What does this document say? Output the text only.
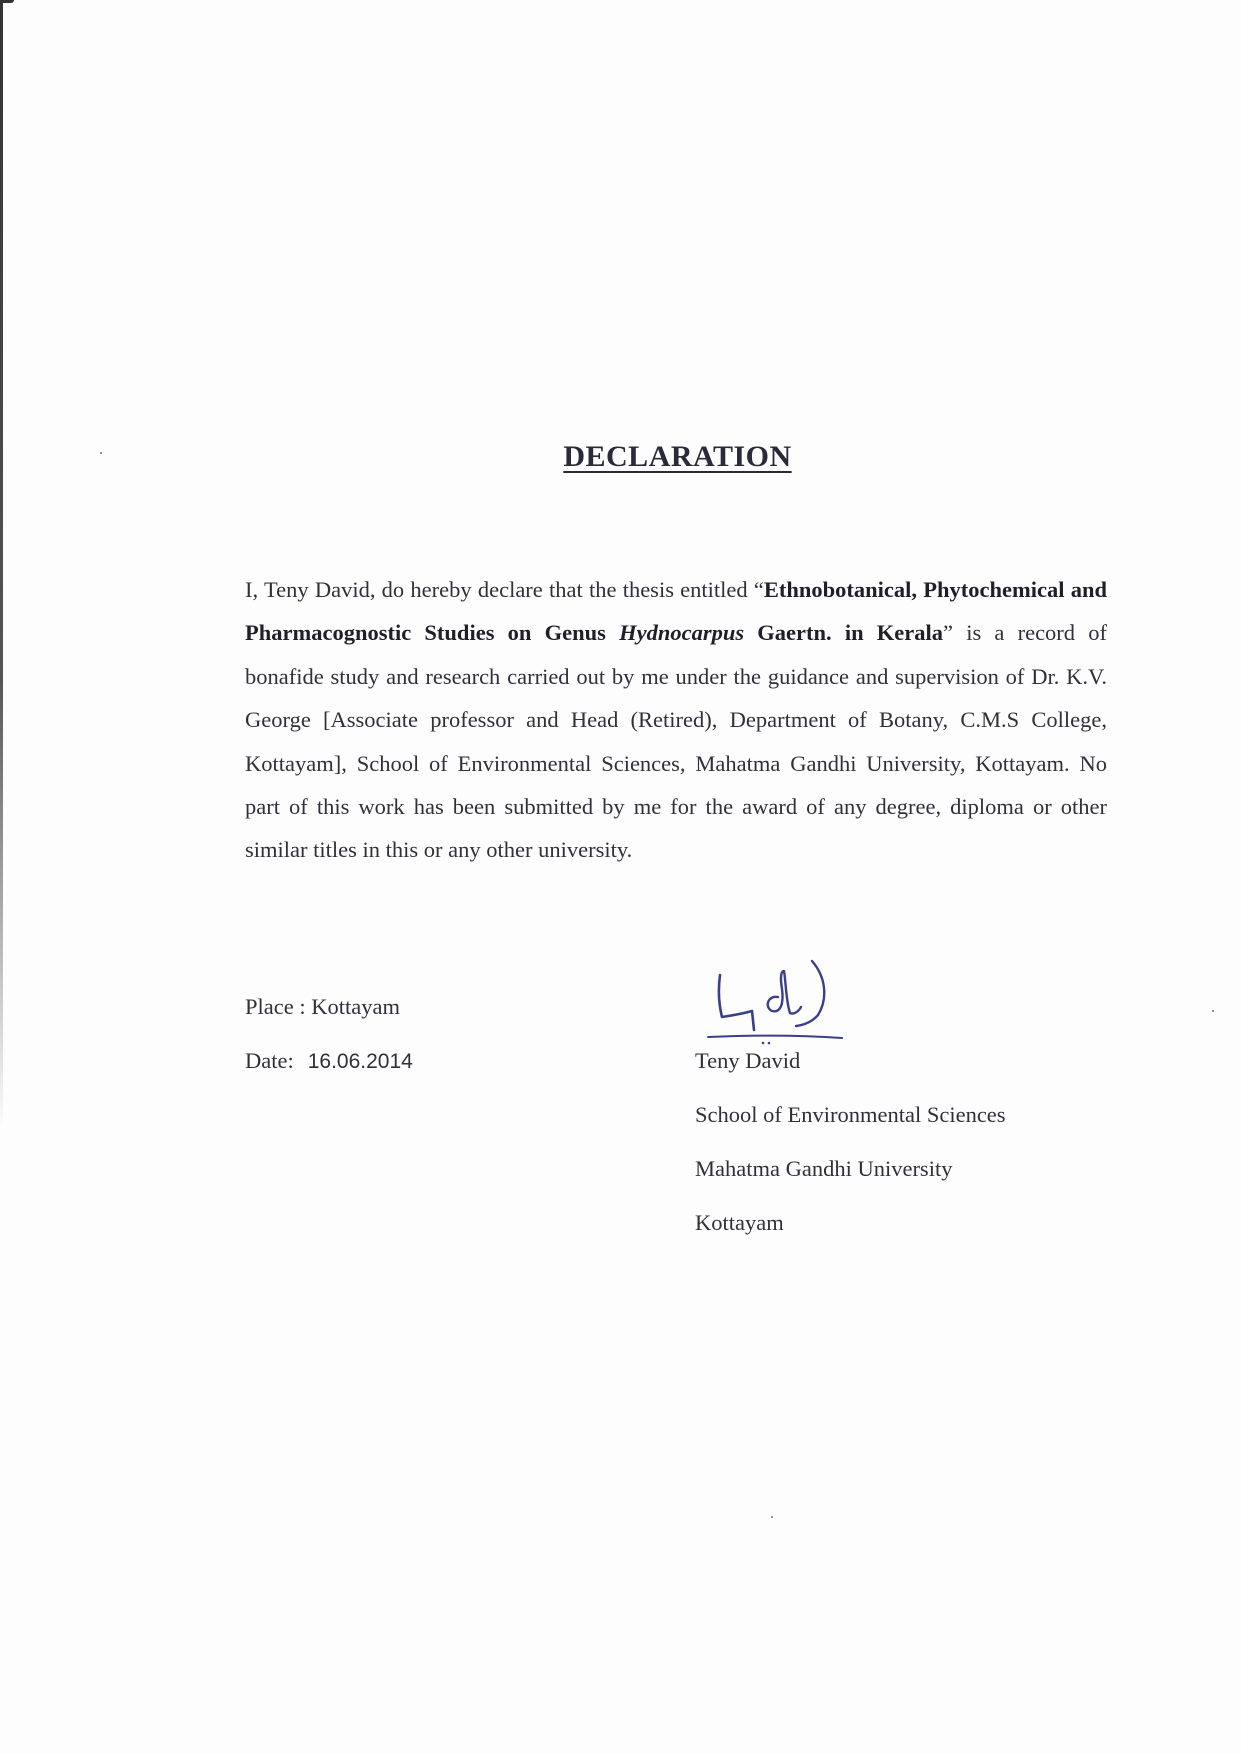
DECLARATION

I, Teny David, do hereby declare that the thesis entitled “Ethnobotanical, Phytochemical and Pharmacognostic Studies on Genus Hydnocarpus Gaertn. in Kerala” is a record of bonafide study and research carried out by me under the guidance and supervision of Dr. K.V. George [Associate professor and Head (Retired), Department of Botany, C.M.S College, Kottayam], School of Environmental Sciences, Mahatma Gandhi University, Kottayam. No part of this work has been submitted by me for the award of any degree, diploma or other similar titles in this or any other university.

Place : Kottayam
Date: 16.06.2014	Teny David
School of Environmental Sciences
Mahatma Gandhi University
Kottayam
